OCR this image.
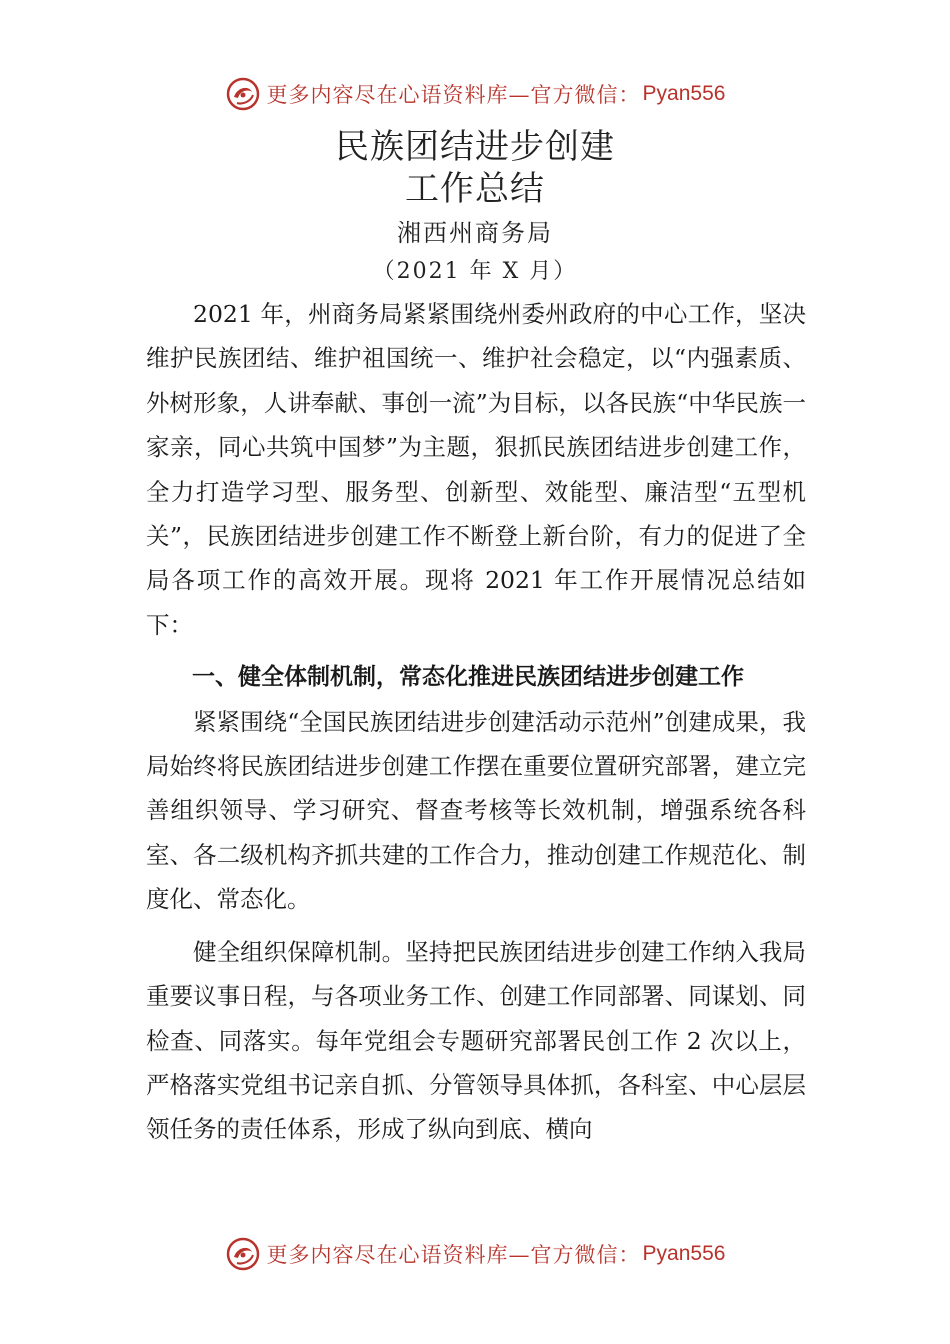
更多内容尽在心语资料库—官方微信： Pyan556
民族团结进步创建
工作总结
湘西州商务局
（2021 年 X 月）

2021 年，州商务局紧紧围绕州委州政府的中心工作，坚决维护民族团结、维护祖国统一、维护社会稳定，以“内强素质、外树形象，人讲奉献、事创一流”为目标，以各民族“中华民族一家亲，同心共筑中国梦”为主题，狠抓民族团结进步创建工作，全力打造学习型、服务型、创新型、效能型、廉洁型“五型机关”，民族团结进步创建工作不断登上新台阶，有力的促进了全局各项工作的高效开展。现将 2021 年工作开展情况总结如下：

一、健全体制机制，常态化推进民族团结进步创建工作

紧紧围绕“全国民族团结进步创建活动示范州”创建成果，我局始终将民族团结进步创建工作摆在重要位置研究部署，建立完善组织领导、学习研究、督查考核等长效机制，增强系统各科室、各二级机构齐抓共建的工作合力，推动创建工作规范化、制度化、常态化。

健全组织保障机制。坚持把民族团结进步创建工作纳入我局重要议事日程，与各项业务工作、创建工作同部署、同谋划、同检查、同落实。每年党组会专题研究部署民创工作 2 次以上，严格落实党组书记亲自抓、分管领导具体抓，各科室、中心层层领任务的责任体系，形成了纵向到底、横向

更多内容尽在心语资料库—官方微信： Pyan556
